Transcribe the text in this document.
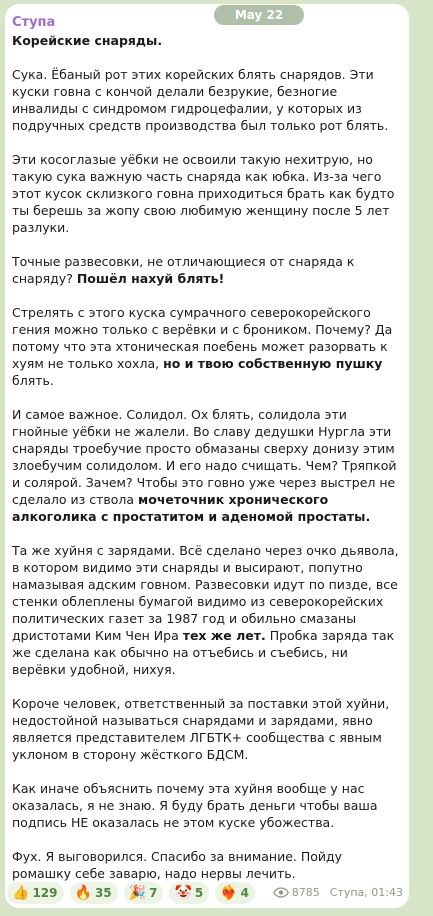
May 22
Ступа

Корейские снаряды.

Сука. Ёбаный рот этих корейских блять снарядов. Эти куски говна с кончой делали безрукие, безногие инвалиды с синдромом гидроцефалии, у которых из подручных средств производства был только рот блять.

Эти косоглазые уёбки не освоили такую нехитрую, но такую сука важную часть снаряда как юбка. Из-за чего этот кусок склизкого говна приходиться брать как будто ты берешь за жопу свою любимую женщину после 5 лет разлуки.

Точные развесовки, не отличающиеся от снаряда к снаряду? Пошёл нахуй блять!

Стрелять с этого куска сумрачного северокорейского гения можно только с верёвки и с броником. Почему? Да потому что эта хтоническая поебень может разорвать к хуям не только хохла, но и твою собственную пушку блять.

И самое важное. Солидол. Ох блять, солидола эти гнойные уёбки не жалели. Во славу дедушки Нургла эти снаряды троебучие просто обмазаны сверху донизу этим злоебучим солидолом. И его надо счищать. Чем? Тряпкой и солярой. Зачем? Чтобы это говно уже через выстрел не сделало из ствола мочеточник хронического алкоголика с простатитом и аденомой простаты.

Та же хуйня с зарядами. Всё сделано через очко дьявола, в котором видимо эти снаряды и высирают, попутно намазывая адским говном. Развесовки идут по пизде, все стенки облеплены бумагой видимо из северокорейских политических газет за 1987 год и обильно смазаны дристотами Ким Чен Ира тех же лет. Пробка заряда так же сделана как обычно на отъебись и съебись, ни верёвки удобной, нихуя.

Короче человек, ответственный за поставки этой хуйни, недостойной называться снарядами и зарядами, явно является представителем ЛГБТК+ сообщества с явным уклоном в сторону жёсткого БДСМ.

Как иначе объяснить почему эта хуйня вообще у нас оказалась, я не знаю. Я буду брать деньги чтобы ваша подпись НЕ оказалась не этом куске убожества.

Фух. Я выговорился. Спасибо за внимание. Пойду ромашку себе заварю, надо нервы лечить.

👍 129 🔥 35 🎉 7 🤡 5 ❤‍🔥 4	8785 Ступа, 01:43
